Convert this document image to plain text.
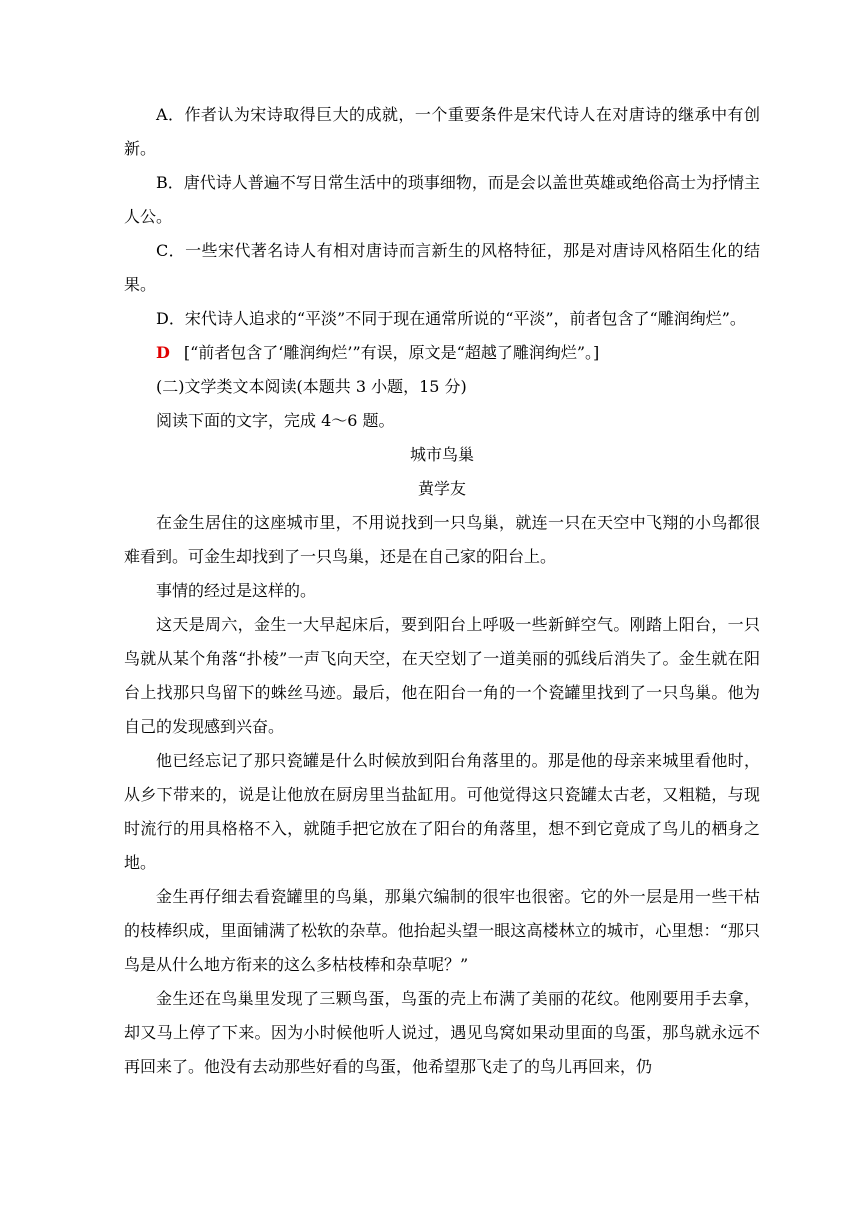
A．作者认为宋诗取得巨大的成就，一个重要条件是宋代诗人在对唐诗的继承中有创新。

B．唐代诗人普遍不写日常生活中的琐事细物，而是会以盖世英雄或绝俗高士为抒情主人公。

C．一些宋代著名诗人有相对唐诗而言新生的风格特征，那是对唐诗风格陌生化的结果。

D．宋代诗人追求的“平淡”不同于现在通常所说的“平淡”，前者包含了“雕润绚烂”。

D [“前者包含了‘雕润绚烂’”有误，原文是“超越了雕润绚烂”。]

(二)文学类文本阅读(本题共 3 小题，15 分)

阅读下面的文字，完成 4～6 题。

城市鸟巢

黄学友

在金生居住的这座城市里，不用说找到一只鸟巢，就连一只在天空中飞翔的小鸟都很难看到。可金生却找到了一只鸟巢，还是在自己家的阳台上。

事情的经过是这样的。

这天是周六，金生一大早起床后，要到阳台上呼吸一些新鲜空气。刚踏上阳台，一只鸟就从某个角落“扑棱”一声飞向天空，在天空划了一道美丽的弧线后消失了。金生就在阳台上找那只鸟留下的蛛丝马迹。最后，他在阳台一角的一个瓷罐里找到了一只鸟巢。他为自己的发现感到兴奋。

他已经忘记了那只瓷罐是什么时候放到阳台角落里的。那是他的母亲来城里看他时，从乡下带来的，说是让他放在厨房里当盐缸用。可他觉得这只瓷罐太古老，又粗糙，与现时流行的用具格格不入，就随手把它放在了阳台的角落里，想不到它竟成了鸟儿的栖身之地。

金生再仔细去看瓷罐里的鸟巢，那巢穴编制的很牢也很密。它的外一层是用一些干枯的枝棒织成，里面铺满了松软的杂草。他抬起头望一眼这高楼林立的城市，心里想：“那只鸟是从什么地方衔来的这么多枯枝棒和杂草呢？”

金生还在鸟巢里发现了三颗鸟蛋，鸟蛋的壳上布满了美丽的花纹。他刚要用手去拿，却又马上停了下来。因为小时候他听人说过，遇见鸟窝如果动里面的鸟蛋，那鸟就永远不再回来了。他没有去动那些好看的鸟蛋，他希望那飞走了的鸟儿再回来，仍
